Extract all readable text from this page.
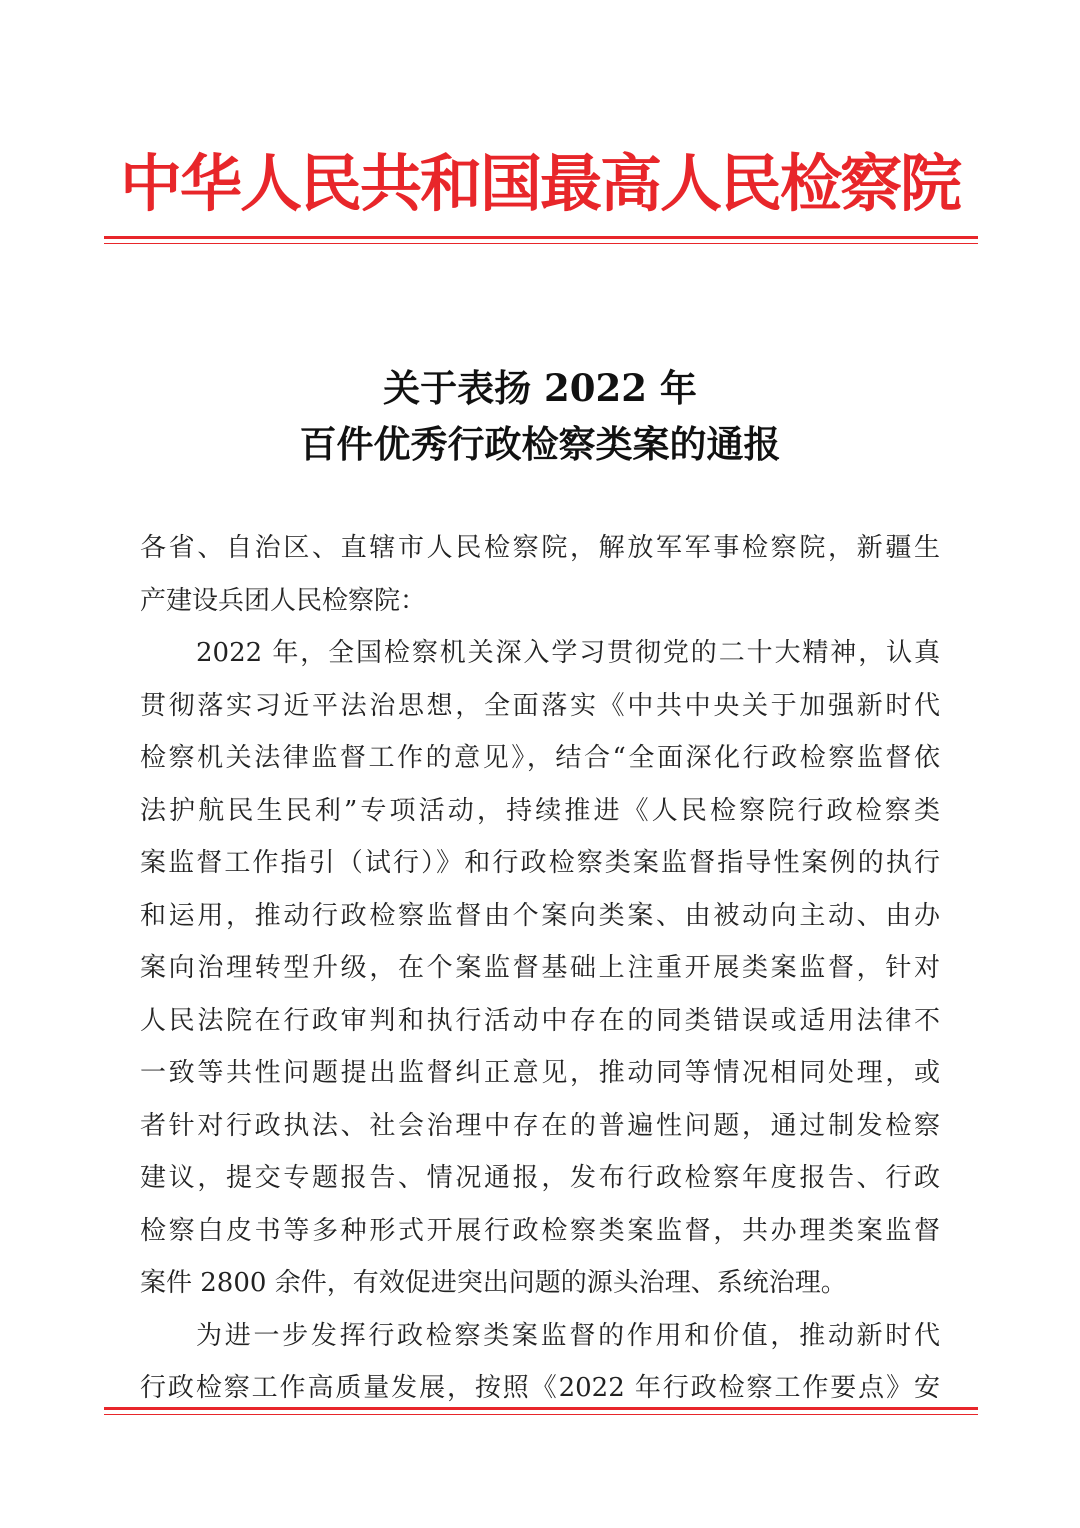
中华人民共和国最高人民检察院
关于表扬 2022 年
百件优秀行政检察类案的通报
各省、自治区、直辖市人民检察院，解放军军事检察院，新疆生
产建设兵团人民检察院：
2022 年，全国检察机关深入学习贯彻党的二十大精神，认真
贯彻落实习近平法治思想，全面落实《中共中央关于加强新时代
检察机关法律监督工作的意见》，结合“全面深化行政检察监督依
法护航民生民利”专项活动，持续推进《人民检察院行政检察类
案监督工作指引（试行）》和行政检察类案监督指导性案例的执行
和运用，推动行政检察监督由个案向类案、由被动向主动、由办
案向治理转型升级，在个案监督基础上注重开展类案监督，针对
人民法院在行政审判和执行活动中存在的同类错误或适用法律不
一致等共性问题提出监督纠正意见，推动同等情况相同处理，或
者针对行政执法、社会治理中存在的普遍性问题，通过制发检察
建议，提交专题报告、情况通报，发布行政检察年度报告、行政
检察白皮书等多种形式开展行政检察类案监督，共办理类案监督
案件 2800 余件，有效促进突出问题的源头治理、系统治理。
为进一步发挥行政检察类案监督的作用和价值，推动新时代
行政检察工作高质量发展，按照《2022 年行政检察工作要点》安
